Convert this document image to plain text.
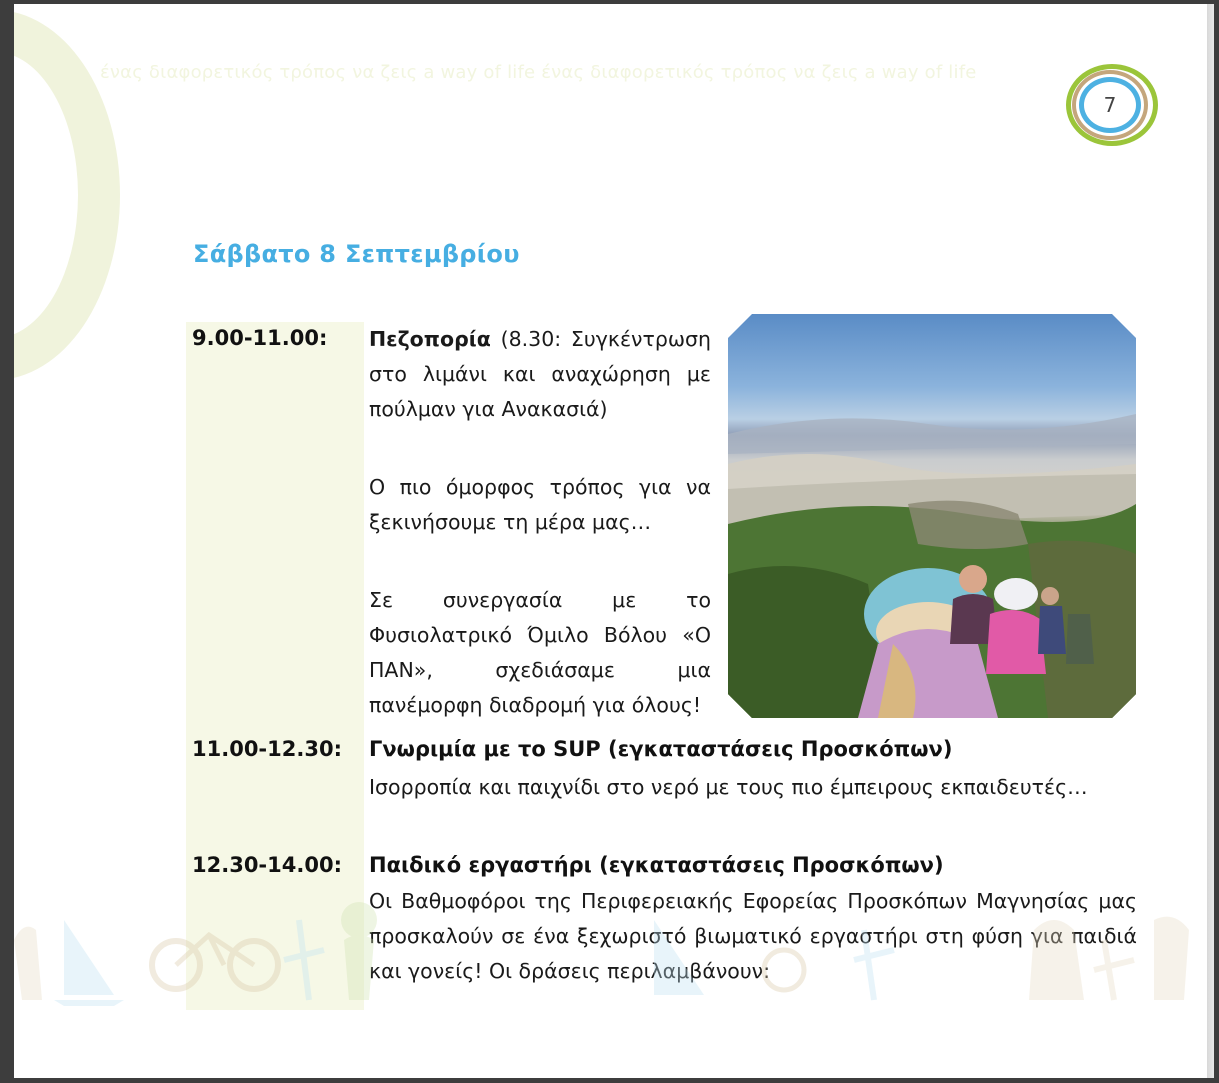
ένας διαφορετικός τρόπος να ζεις a way of life ένας διαφορετικός τρόπος να ζεις a way of life
7
Σάββατο 8 Σεπτεμβρίου
9.00-11.00: Πεζοπορία (8.30: Συγκέντρωση στο λιμάνι και αναχώρηση με πούλμαν για Ανακασιά)
Ο πιο όμορφος τρόπος για να ξεκινήσουμε τη μέρα μας…
Σε συνεργασία με το Φυσιολατρικό Όμιλο Βόλου «Ο ΠΑΝ», σχεδιάσαμε μια πανέμορφη διαδρομή για όλους!
11.00-12.30: Γνωριμία με το SUP (εγκαταστάσεις Προσκόπων)
Ισορροπία και παιχνίδι στο νερό με τους πιο έμπειρους εκπαιδευτές…
12.30-14.00: Παιδικό εργαστήρι (εγκαταστάσεις Προσκόπων)
Οι Βαθμοφόροι της Περιφερειακής Εφορείας Προσκόπων Μαγνησίας μας προσκαλούν σε ένα ξεχωριστό βιωματικό εργαστήρι στη φύση για παιδιά και γονείς! Οι δράσεις περιλαμβάνουν:
